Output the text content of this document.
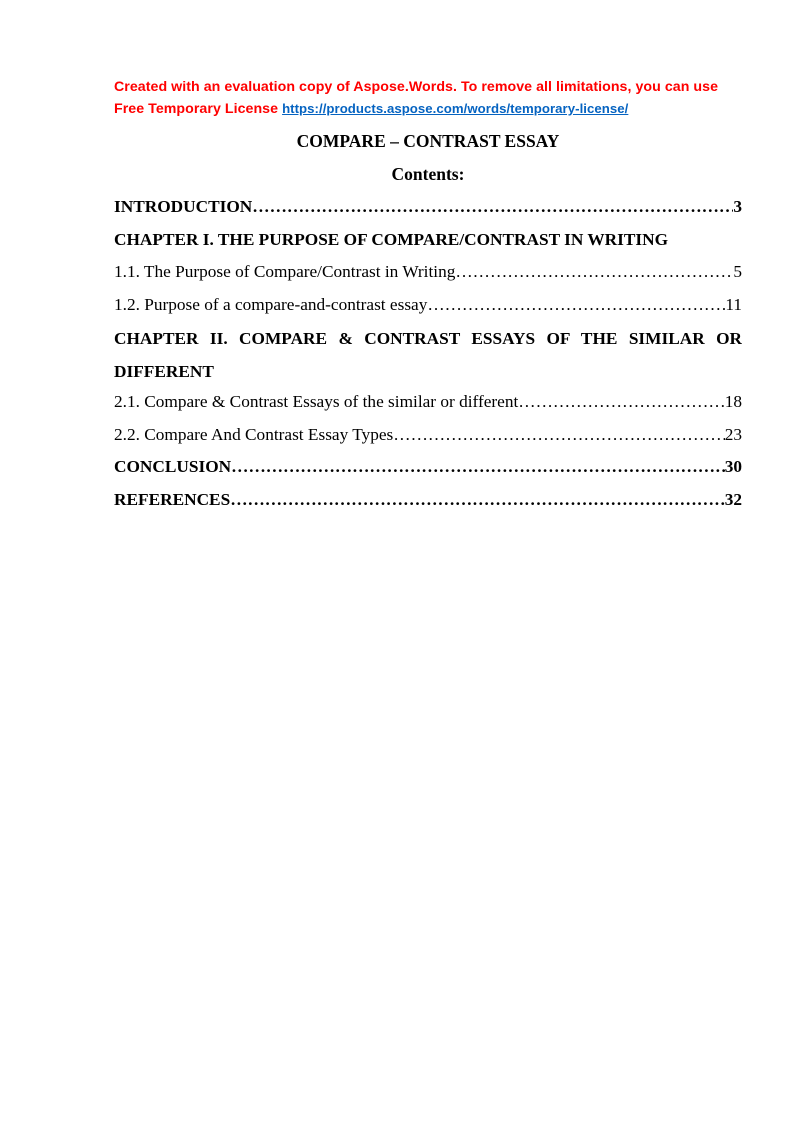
Created with an evaluation copy of Aspose.Words. To remove all limitations, you can use
Free Temporary License https://products.aspose.com/words/temporary-license/
COMPARE – CONTRAST ESSAY
Contents:
INTRODUCTION ……………………………………………………………………………………………………………………………………………………………………………………	3
CHAPTER I. THE PURPOSE OF COMPARE/CONTRAST IN WRITING
1.1. The Purpose of Compare/Contrast in Writing ……………………………………………………………………………………………………………………………………………………………………………………	5
1.2. Purpose of a compare-and-contrast essay ……………………………………………………………………………………………………………………………………………………………………………………	11
CHAPTER II. COMPARE & CONTRAST ESSAYS OF THE SIMILAR OR DIFFERENT
2.1. Compare & Contrast Essays of the similar or different ……………………………………………………………………………………………………………………………………………………………………………………	18
2.2. Compare And Contrast Essay Types ……………………………………………………………………………………………………………………………………………………………………………………	23
CONCLUSION ……………………………………………………………………………………………………………………………………………………………………………………	30
REFERENCES ……………………………………………………………………………………………………………………………………………………………………………………	32
